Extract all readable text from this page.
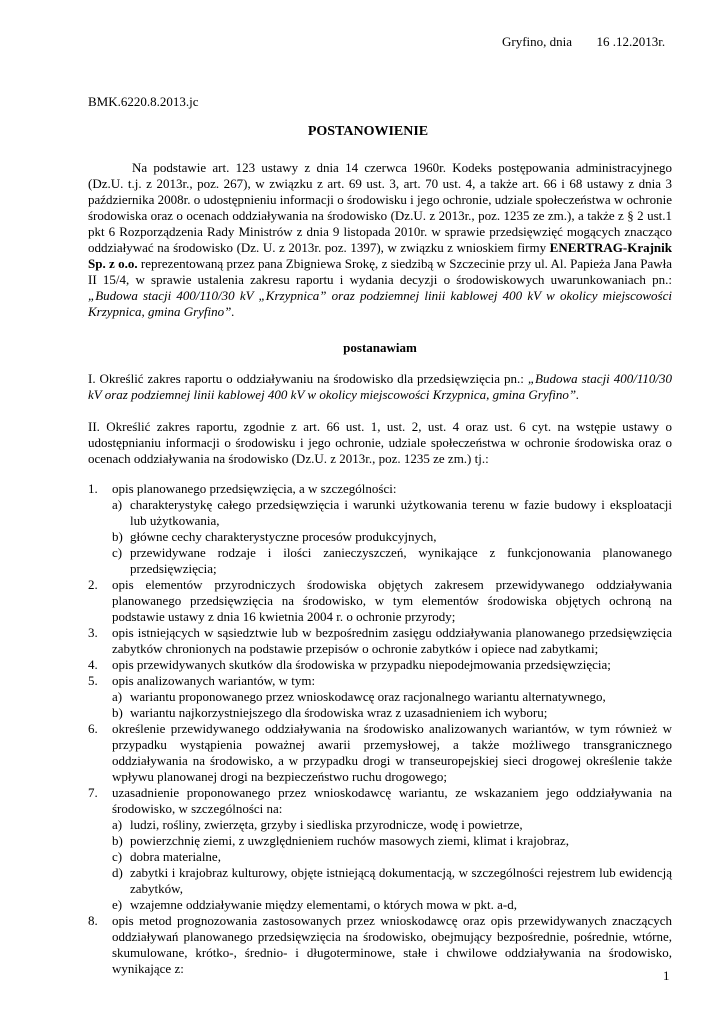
Gryfino, dnia 16 .12.2013r.
BMK.6220.8.2013.jc
POSTANOWIENIE
Na podstawie art. 123 ustawy z dnia 14 czerwca 1960r. Kodeks postępowania administracyjnego (Dz.U. t.j. z 2013r., poz. 267), w związku z art. 69 ust. 3, art. 70 ust. 4, a także art. 66 i 68 ustawy z dnia 3 października 2008r. o udostępnieniu informacji o środowisku i jego ochronie, udziale społeczeństwa w ochronie środowiska oraz o ocenach oddziaływania na środowisko (Dz.U. z 2013r., poz. 1235 ze zm.), a także z § 2 ust.1 pkt 6 Rozporządzenia Rady Ministrów z dnia 9 listopada 2010r. w sprawie przedsięwzięć mogących znacząco oddziaływać na środowisko (Dz. U. z 2013r. poz. 1397), w związku z wnioskiem firmy ENERTRAG-Krajnik Sp. z o.o. reprezentowaną przez pana Zbigniewa Srokę, z siedzibą w Szczecinie przy ul. Al. Papieża Jana Pawła II 15/4, w sprawie ustalenia zakresu raportu i wydania decyzji o środowiskowych uwarunkowaniach pn.: „Budowa stacji 400/110/30 kV „Krzypnica” oraz podziemnej linii kablowej 400 kV w okolicy miejscowości Krzypnica, gmina Gryfino”.
postanawiam
I. Określić zakres raportu o oddziaływaniu na środowisko dla przedsięwzięcia pn.: „Budowa stacji 400/110/30 kV oraz podziemnej linii kablowej 400 kV w okolicy miejscowości Krzypnica, gmina Gryfino”.
II. Określić zakres raportu, zgodnie z art. 66 ust. 1, ust. 2, ust. 4 oraz ust. 6 cyt. na wstępie ustawy o udostępnianiu informacji o środowisku i jego ochronie, udziale społeczeństwa w ochronie środowiska oraz o ocenach oddziaływania na środowisko (Dz.U. z 2013r., poz. 1235 ze zm.) tj.:
1.	opis planowanego przedsięwzięcia, a w szczególności:
a) charakterystykę całego przedsięwzięcia i warunki użytkowania terenu w fazie budowy i eksploatacji lub użytkowania,
b) główne cechy charakterystyczne procesów produkcyjnych,
c) przewidywane rodzaje i ilości zanieczyszczeń, wynikające z funkcjonowania planowanego przedsięwzięcia;
2.	opis elementów przyrodniczych środowiska objętych zakresem przewidywanego oddziaływania planowanego przedsięwzięcia na środowisko, w tym elementów środowiska objętych ochroną na podstawie ustawy z dnia 16 kwietnia 2004 r. o ochronie przyrody;
3.	opis istniejących w sąsiedztwie lub w bezpośrednim zasięgu oddziaływania planowanego przedsięwzięcia zabytków chronionych na podstawie przepisów o ochronie zabytków i opiece nad zabytkami;
4.	opis przewidywanych skutków dla środowiska w przypadku niepodejmowania przedsięwzięcia;
5.	opis analizowanych wariantów, w tym:
a) wariantu proponowanego przez wnioskodawcę oraz racjonalnego wariantu alternatywnego,
b) wariantu najkorzystniejszego dla środowiska wraz z uzasadnieniem ich wyboru;
6.	określenie przewidywanego oddziaływania na środowisko analizowanych wariantów, w tym również w przypadku wystąpienia poważnej awarii przemysłowej, a także możliwego transgranicznego oddziaływania na środowisko, a w przypadku drogi w transeuropejskiej sieci drogowej określenie także wpływu planowanej drogi na bezpieczeństwo ruchu drogowego;
7.	uzasadnienie proponowanego przez wnioskodawcę wariantu, ze wskazaniem jego oddziaływania na środowisko, w szczególności na:
a) ludzi, rośliny, zwierzęta, grzyby i siedliska przyrodnicze, wodę i powietrze,
b) powierzchnię ziemi, z uwzględnieniem ruchów masowych ziemi, klimat i krajobraz,
c) dobra materialne,
d) zabytki i krajobraz kulturowy, objęte istniejącą dokumentacją, w szczególności rejestrem lub ewidencją zabytków,
e) wzajemne oddziaływanie między elementami, o których mowa w pkt. a-d,
8.	opis metod prognozowania zastosowanych przez wnioskodawcę oraz opis przewidywanych znaczących oddziaływań planowanego przedsięwzięcia na środowisko, obejmujący bezpośrednie, pośrednie, wtórne, skumulowane, krótko-, średnio- i długoterminowe, stałe i chwilowe oddziaływania na środowisko, wynikające z:	1
